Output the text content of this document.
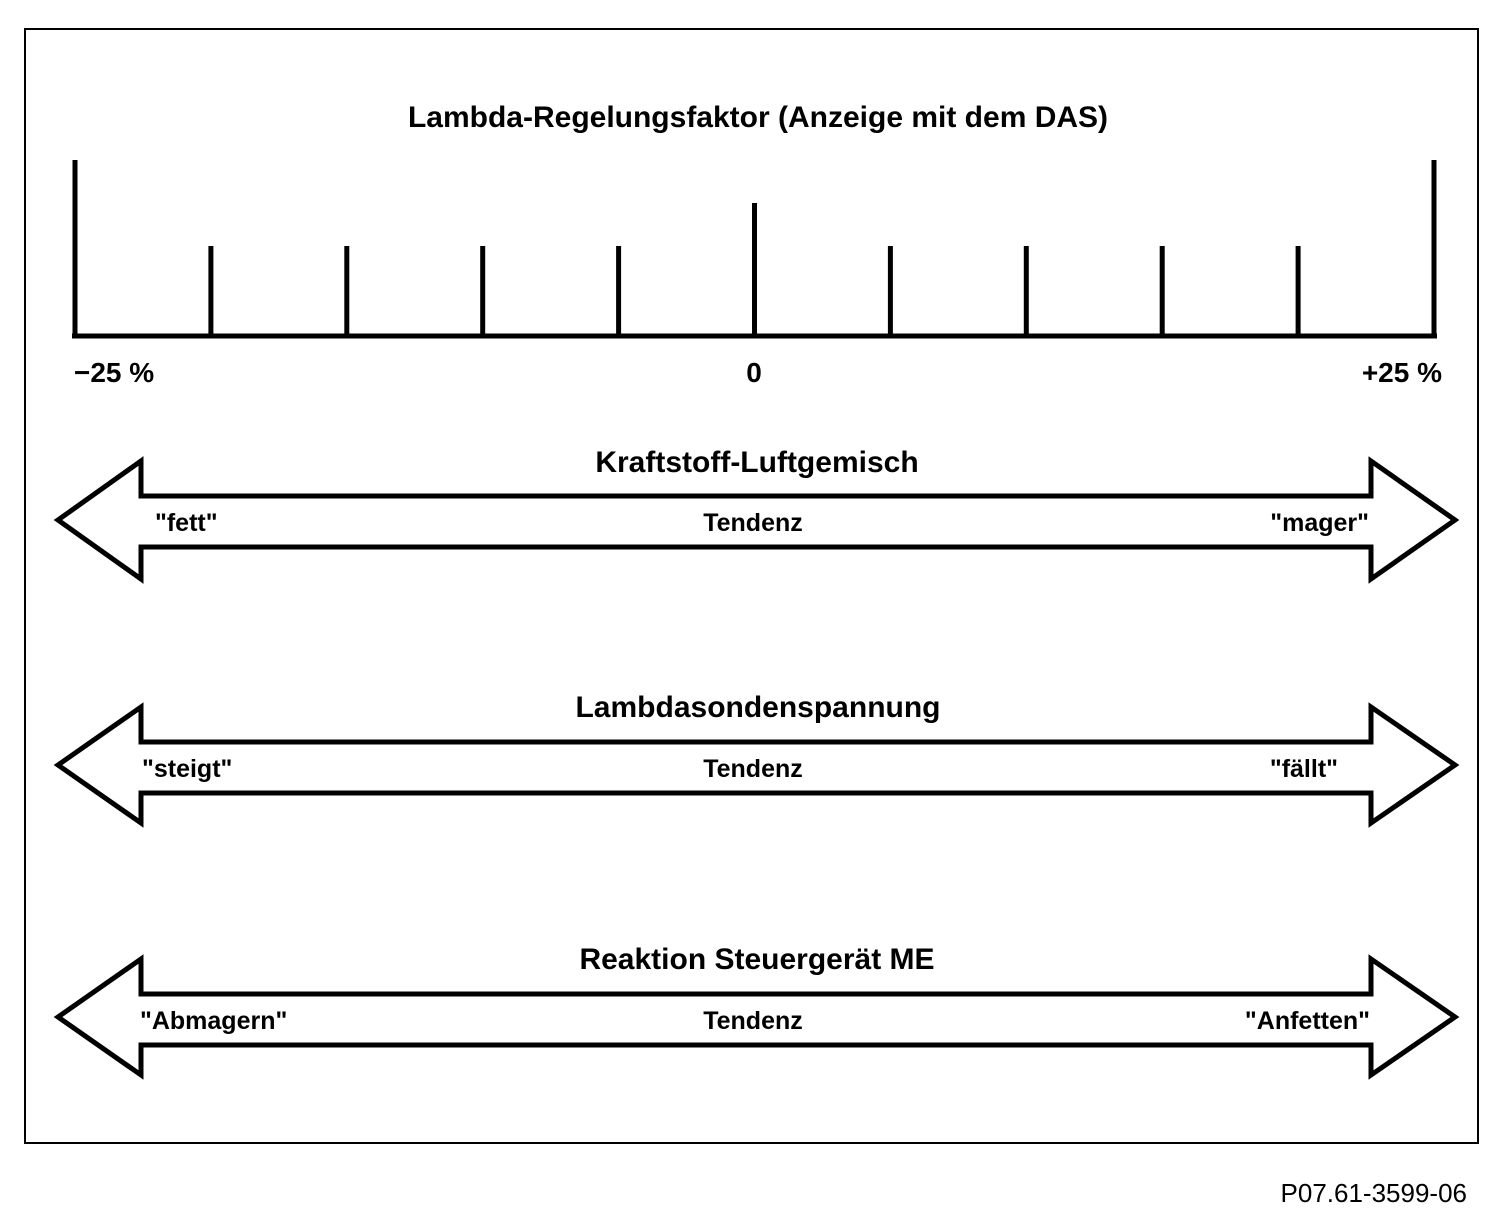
Lambda-Regelungsfaktor (Anzeige mit dem DAS)
−25 %	0	+25 %
Kraftstoff-Luftgemisch
"fett"	Tendenz	"mager"
Lambdasondenspannung
"steigt"	Tendenz	"fällt"
Reaktion Steuergerät ME
"Abmagern"	Tendenz	"Anfetten"
P07.61-3599-06
